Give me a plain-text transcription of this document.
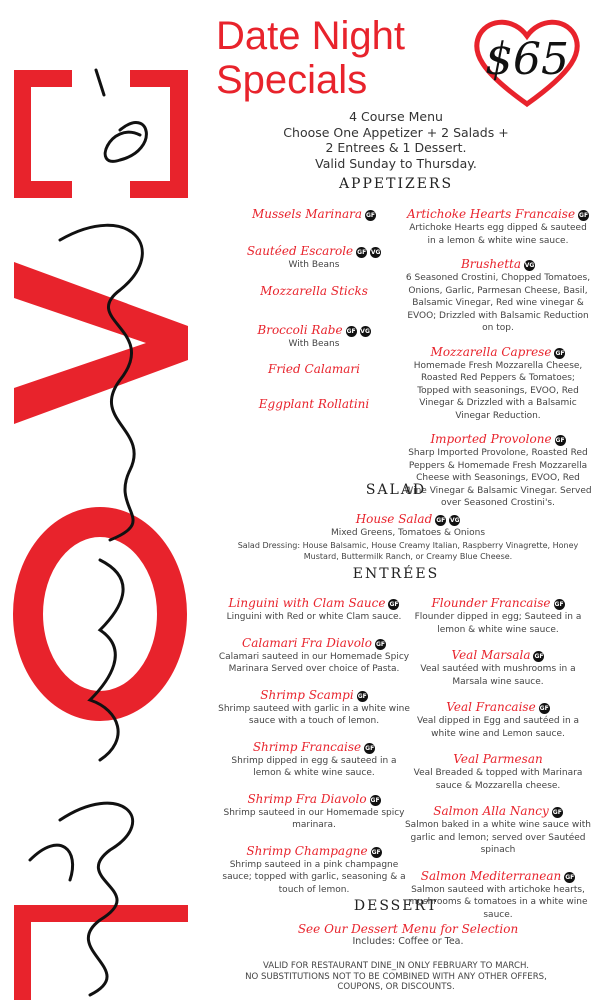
Date Night
Specials	$65
4 Course Menu
Choose One Appetizer + 2 Salads +
2 Entrees & 1 Dessert.
Valid Sunday to Thursday.
APPETIZERS
Mussels Marinara GF
Sautéed Escarole GF VG
With Beans
Mozzarella Sticks
Broccoli Rabe GF VG
With Beans
Fried Calamari
Eggplant Rollatini
Artichoke Hearts Francaise GF
Artichoke Hearts egg dipped & sauteed in a lemon & white wine sauce.
Brushetta VG
6 Seasoned Crostini, Chopped Tomatoes, Onions, Garlic, Parmesan Cheese, Basil, Balsamic Vinegar, Red wine vinegar & EVOO; Drizzled with Balsamic Reduction on top.
Mozzarella Caprese GF
Homemade Fresh Mozzarella Cheese, Roasted Red Peppers & Tomatoes; Topped with seasonings, EVOO, Red Vinegar & Drizzled with a Balsamic Vinegar Reduction.
Imported Provolone GF
Sharp Imported Provolone, Roasted Red Peppers & Homemade Fresh Mozzarella Cheese with Seasonings, EVOO, Red Wine Vinegar & Balsamic Vinegar. Served over Seasoned Crostini's.
SALAD
House Salad GF VG
Mixed Greens, Tomatoes & Onions
Salad Dressing: House Balsamic, House Creamy Italian, Raspberry Vinagrette, Honey Mustard, Buttermilk Ranch, or Creamy Blue Cheese.
ENTRÉES
Linguini with Clam Sauce GF
Linguini with Red or white Clam sauce.
Calamari Fra Diavolo GF
Calamari sauteed in our Homemade Spicy Marinara Served over choice of Pasta.
Shrimp Scampi GF
Shrimp sauteed with garlic in a white wine sauce with a touch of lemon.
Shrimp Francaise GF
Shrimp dipped in egg & sauteed in a lemon & white wine sauce.
Shrimp Fra Diavolo GF
Shrimp sauteed in our Homemade spicy marinara.
Shrimp Champagne GF
Shrimp sauteed in a pink champagne sauce; topped with garlic, seasoning & a touch of lemon.
Flounder Francaise GF
Flounder dipped in egg; Sauteed in a lemon & white wine sauce.
Veal Marsala GF
Veal sautéed with mushrooms in a Marsala wine sauce.
Veal Francaise GF
Veal dipped in Egg and sautéed in a white wine and Lemon sauce.
Veal Parmesan
Veal Breaded & topped with Marinara sauce & Mozzarella cheese.
Salmon Alla Nancy GF
Salmon baked in a white wine sauce with garlic and lemon; served over Sautéed spinach
Salmon Mediterranean GF
Salmon sauteed with artichoke hearts, mushrooms & tomatoes in a white wine sauce.
DESSERT
See Our Dessert Menu for Selection
Includes: Coffee or Tea.
VALID FOR RESTAURANT DINE_IN ONLY FEBRUARY TO MARCH.
NO SUBSTITUTIONS NOT TO BE COMBINED WITH ANY OTHER OFFERS,
COUPONS, OR DISCOUNTS.
